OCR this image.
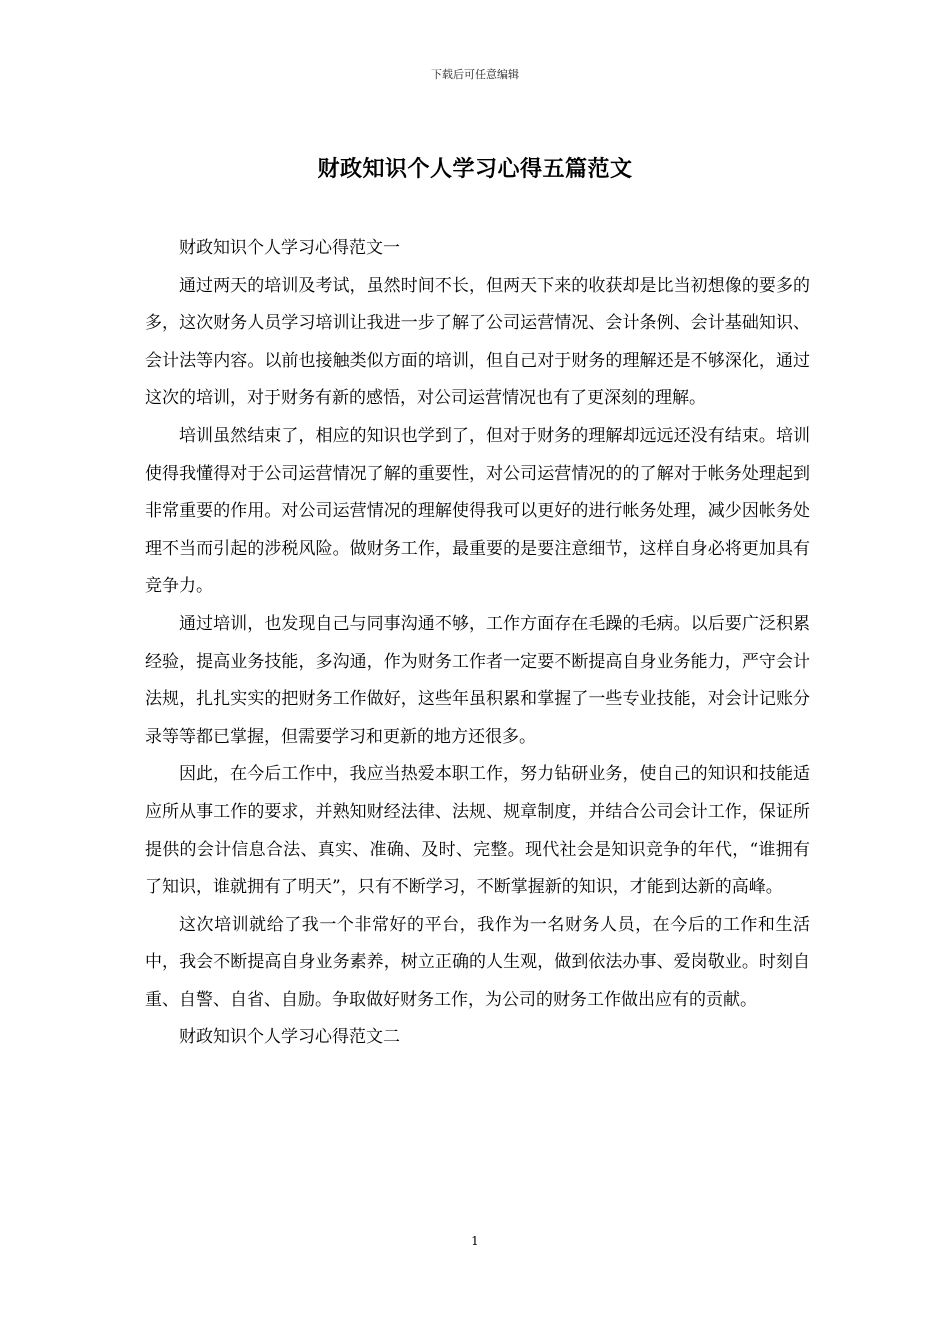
下载后可任意编辑
财政知识个人学习心得五篇范文

财政知识个人学习心得范文一

通过两天的培训及考试，虽然时间不长，但两天下来的收获却是比当初想像的要多的多，这次财务人员学习培训让我进一步了解了公司运营情况、会计条例、会计基础知识、会计法等内容。以前也接触类似方面的培训，但自己对于财务的理解还是不够深化，通过这次的培训，对于财务有新的感悟，对公司运营情况也有了更深刻的理解。

培训虽然结束了，相应的知识也学到了，但对于财务的理解却远远还没有结束。培训使得我懂得对于公司运营情况了解的重要性，对公司运营情况的的了解对于帐务处理起到非常重要的作用。对公司运营情况的理解使得我可以更好的进行帐务处理，减少因帐务处理不当而引起的涉税风险。做财务工作，最重要的是要注意细节，这样自身必将更加具有竞争力。

通过培训，也发现自己与同事沟通不够，工作方面存在毛躁的毛病。以后要广泛积累经验，提高业务技能，多沟通，作为财务工作者一定要不断提高自身业务能力，严守会计法规，扎扎实实的把财务工作做好，这些年虽积累和掌握了一些专业技能，对会计记账分录等等都已掌握，但需要学习和更新的地方还很多。

因此，在今后工作中，我应当热爱本职工作，努力钻研业务，使自己的知识和技能适应所从事工作的要求，并熟知财经法律、法规、规章制度，并结合公司会计工作，保证所提供的会计信息合法、真实、准确、及时、完整。现代社会是知识竞争的年代，“谁拥有了知识，谁就拥有了明天”，只有不断学习，不断掌握新的知识，才能到达新的高峰。

这次培训就给了我一个非常好的平台，我作为一名财务人员，在今后的工作和生活中，我会不断提高自身业务素养，树立正确的人生观，做到依法办事、爱岗敬业。时刻自重、自警、自省、自励。争取做好财务工作，为公司的财务工作做出应有的贡献。

财政知识个人学习心得范文二

1
